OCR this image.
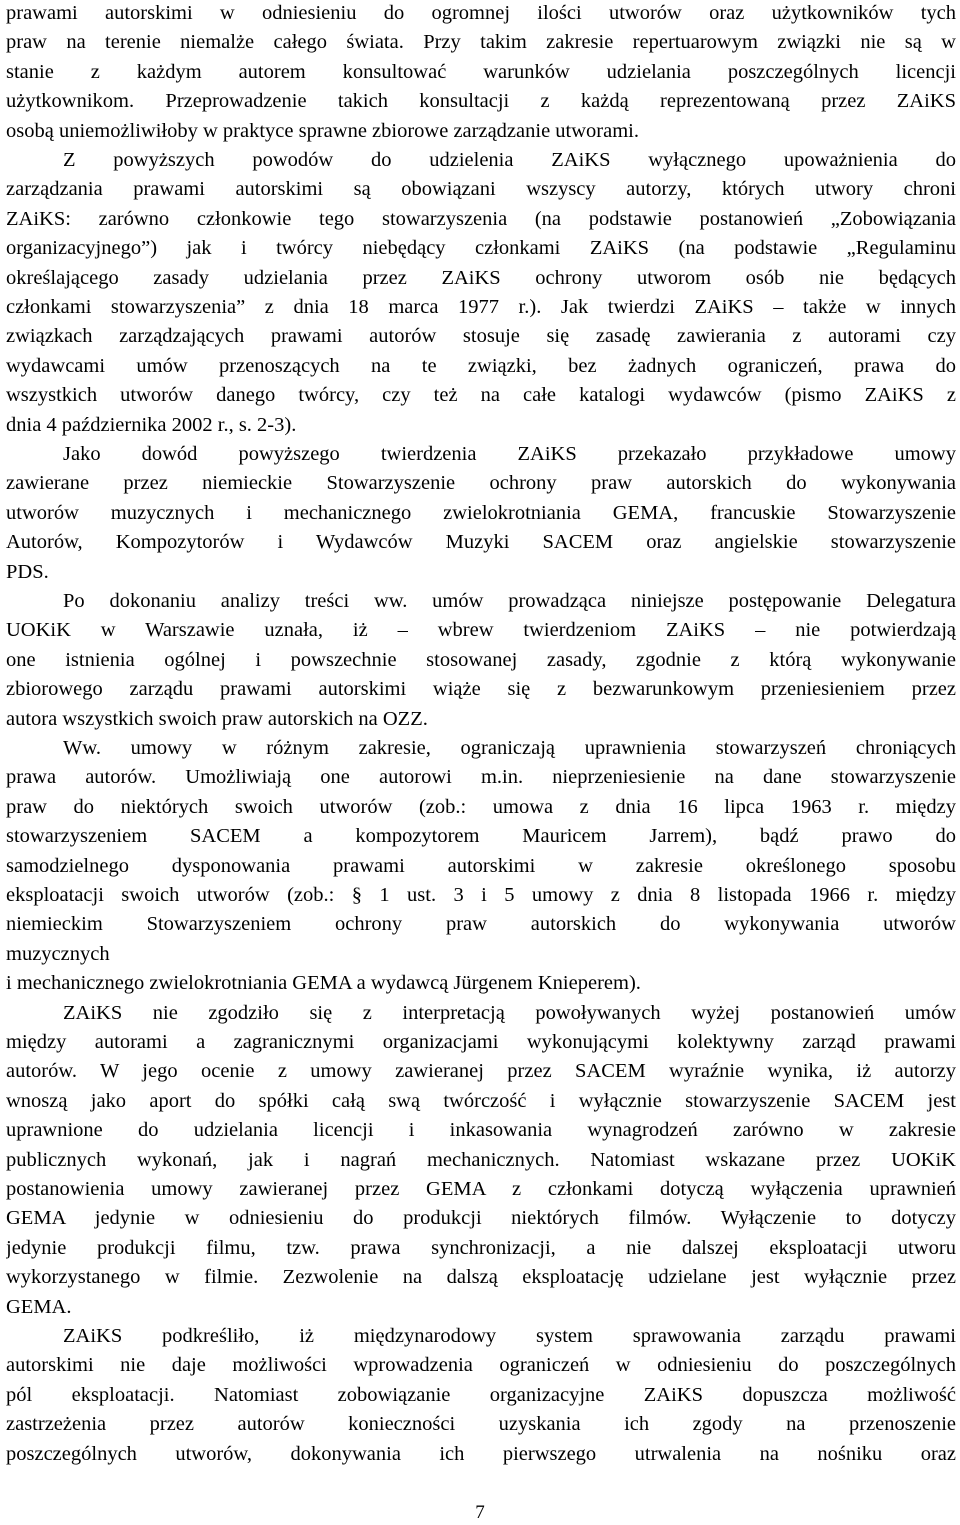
prawami autorskimi w odniesieniu do ogromnej ilości utworów oraz użytkowników tych
praw na terenie niemalże całego świata. Przy takim zakresie repertuarowym związki nie są w
stanie z każdym autorem konsultować warunków udzielania poszczególnych licencji
użytkownikom. Przeprowadzenie takich konsultacji z każdą reprezentowaną przez ZAiKS
osobą uniemożliwiłoby w praktyce sprawne zbiorowe zarządzanie utworami.
Z powyższych powodów do udzielenia ZAiKS wyłącznego upoważnienia do
zarządzania prawami autorskimi są obowiązani wszyscy autorzy, których utwory chroni
ZAiKS: zarówno członkowie tego stowarzyszenia (na podstawie postanowień „Zobowiązania
organizacyjnego”) jak i twórcy niebędący członkami ZAiKS (na podstawie „Regulaminu
określającego zasady udzielania przez ZAiKS ochrony utworom osób nie będących
członkami stowarzyszenia” z dnia 18 marca 1977 r.). Jak twierdzi ZAiKS – także w innych
związkach zarządzających prawami autorów stosuje się zasadę zawierania z autorami czy
wydawcami umów przenoszących na te związki, bez żadnych ograniczeń, prawa do
wszystkich utworów danego twórcy, czy też na całe katalogi wydawców (pismo ZAiKS z
dnia 4 października 2002 r., s. 2-3).
Jako dowód powyższego twierdzenia ZAiKS przekazało przykładowe umowy
zawierane przez niemieckie Stowarzyszenie ochrony praw autorskich do wykonywania
utworów muzycznych i mechanicznego zwielokrotniania GEMA, francuskie Stowarzyszenie
Autorów, Kompozytorów i Wydawców Muzyki SACEM oraz angielskie stowarzyszenie
PDS.
Po dokonaniu analizy treści ww. umów prowadząca niniejsze postępowanie Delegatura
UOKiK w Warszawie uznała, iż – wbrew twierdzeniom ZAiKS – nie potwierdzają
one istnienia ogólnej i powszechnie stosowanej zasady, zgodnie z którą wykonywanie
zbiorowego zarządu prawami autorskimi wiąże się z bezwarunkowym przeniesieniem przez
autora wszystkich swoich praw autorskich na OZZ.
Ww. umowy w różnym zakresie, ograniczają uprawnienia stowarzyszeń chroniących
prawa autorów. Umożliwiają one autorowi m.in. nieprzeniesienie na dane stowarzyszenie
praw do niektórych swoich utworów (zob.: umowa z dnia 16 lipca 1963 r. między
stowarzyszeniem SACEM a kompozytorem Mauricem Jarrem), bądź prawo do
samodzielnego dysponowania prawami autorskimi w zakresie określonego sposobu
eksploatacji swoich utworów (zob.: § 1 ust. 3 i 5 umowy z dnia 8 listopada 1966 r. między
niemieckim Stowarzyszeniem ochrony praw autorskich do wykonywania utworów
muzycznych
i mechanicznego zwielokrotniania GEMA a wydawcą Jürgenem Knieperem).
ZAiKS nie zgodziło się z interpretacją powoływanych wyżej postanowień umów
między autorami a zagranicznymi organizacjami wykonującymi kolektywny zarząd prawami
autorów. W jego ocenie z umowy zawieranej przez SACEM wyraźnie wynika, iż autorzy
wnoszą jako aport do spółki całą swą twórczość i wyłącznie stowarzyszenie SACEM jest
uprawnione do udzielania licencji i inkasowania wynagrodzeń zarówno w zakresie
publicznych wykonań, jak i nagrań mechanicznych. Natomiast wskazane przez UOKiK
postanowienia umowy zawieranej przez GEMA z członkami dotyczą wyłączenia uprawnień
GEMA jedynie w odniesieniu do produkcji niektórych filmów. Wyłączenie to dotyczy
jedynie produkcji filmu, tzw. prawa synchronizacji, a nie dalszej eksploatacji utworu
wykorzystanego w filmie. Zezwolenie na dalszą eksploatację udzielane jest wyłącznie przez
GEMA.
ZAiKS podkreśliło, iż międzynarodowy system sprawowania zarządu prawami
autorskimi nie daje możliwości wprowadzenia ograniczeń w odniesieniu do poszczególnych
pól eksploatacji. Natomiast zobowiązanie organizacyjne ZAiKS dopuszcza możliwość
zastrzeżenia przez autorów konieczności uzyskania ich zgody na przenoszenie
poszczególnych utworów, dokonywania ich pierwszego utrwalenia na nośniku oraz
7
